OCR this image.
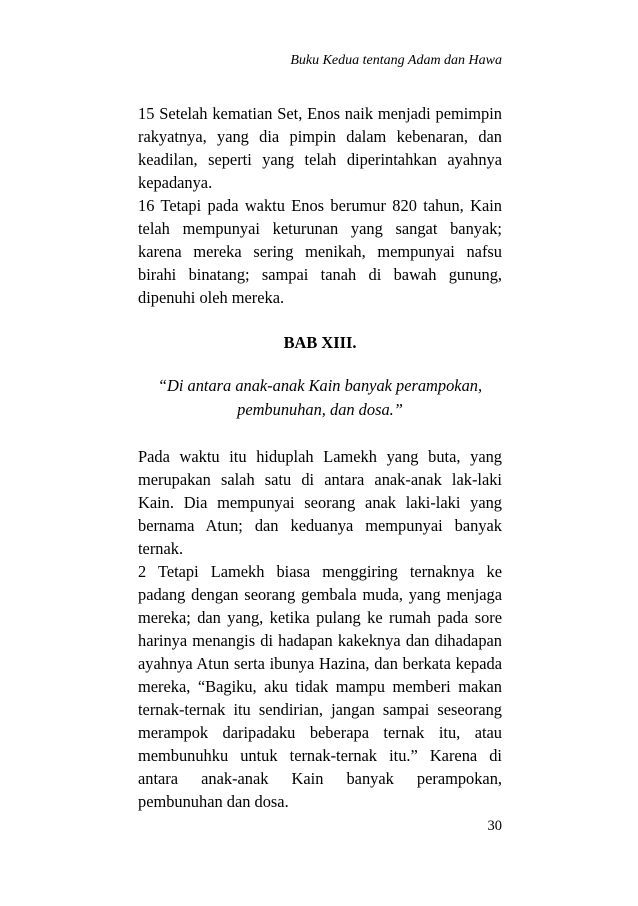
Buku Kedua tentang Adam dan Hawa

15 Setelah kematian Set, Enos naik menjadi pemimpin rakyatnya, yang dia pimpin dalam kebenaran, dan keadilan, seperti yang telah diperintahkan ayahnya kepadanya.

16 Tetapi pada waktu Enos berumur 820 tahun, Kain telah mempunyai keturunan yang sangat banyak; karena mereka sering menikah, mempunyai nafsu birahi binatang; sampai tanah di bawah gunung, dipenuhi oleh mereka.

BAB XIII.

“Di antara anak-anak Kain banyak perampokan, pembunuhan, dan dosa.”

Pada waktu itu hiduplah Lamekh yang buta, yang merupakan salah satu di antara anak-anak lak-laki Kain. Dia mempunyai seorang anak laki-laki yang bernama Atun; dan keduanya mempunyai banyak ternak.

2 Tetapi Lamekh biasa menggiring ternaknya ke padang dengan seorang gembala muda, yang menjaga mereka; dan yang, ketika pulang ke rumah pada sore harinya menangis di hadapan kakeknya dan dihadapan ayahnya Atun serta ibunya Hazina, dan berkata kepada mereka, “Bagiku, aku tidak mampu memberi makan ternak-ternak itu sendirian, jangan sampai seseorang merampok daripadaku beberapa ternak itu, atau membunuhku untuk ternak-ternak itu.” Karena di antara anak-anak Kain banyak perampokan, pembunuhan dan dosa.

30
